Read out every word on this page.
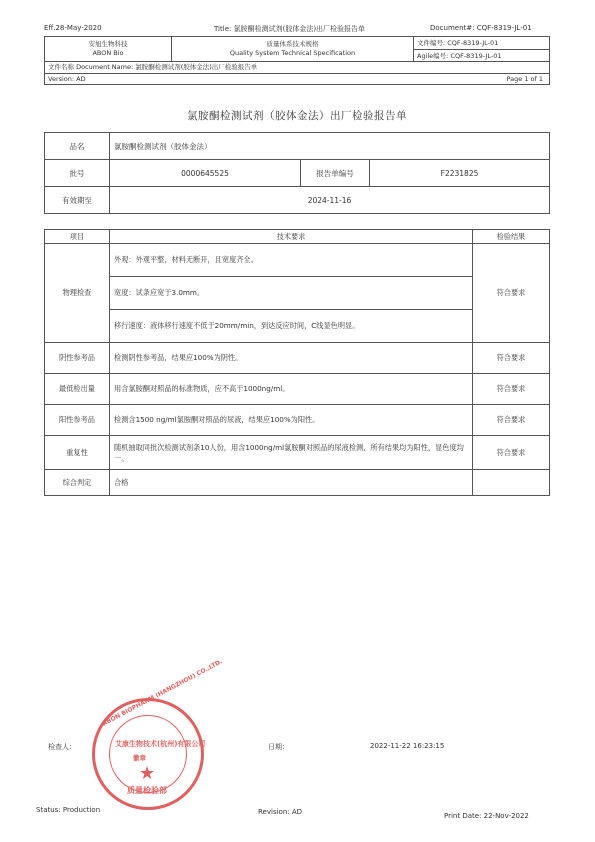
Eff.28-May-2020	Title: 氯胺酮检测试剂(胶体金法)出厂检验报告单	Document#: CQF-8319-JL-01
安旭生物科技
ABON Bio
质量体系技术规格
Quality System Technical Specification
文件编号: CQF-8319-JL-01
Agile编号: CQF-8319-JL-01
文件名称 Document Name: 氯胺酮检测试剂(胶体金法)出厂检验报告单
Version: AD	Page 1 of 1
氯胺酮检测试剂（胶体金法）出厂检验报告单
品名	氯胺酮检测试剂（胶体金法）		
批号	0000645525	报告单编号	F2231825
有效期至	2024-11-16		
项目	技术要求	检验结果
物理检查	外观：外观平整，材料无断开，且宽度齐全。
宽度：试条应宽于3.0mm。
移行速度：液体移行速度不低于20mm/min，到达反应时间，C线显色明显。	符合要求
阴性参考品	检测阴性参考品，结果应100%为阴性。	符合要求
最低检出量	用含氯胺酮对照品的标准物质，应不高于1000ng/ml。	符合要求
阳性参考品	检测含1500 ng/ml氯胺酮对照品的尿液，结果应100%为阳性。	符合要求
重复性	随机抽取同批次检测试剂条10人份，用含1000ng/ml氯胺酮对照品的尿液检测，所有结果均为阳性，显色度均一。	符合要求
综合判定	合格	
ABON BIOPHARM (HANGZHOU) CO.,LTD.
艾康生物技术(杭州)有限公司
徽章
★
质量检验部
检查人：	日期：	2022-11-22 16:23:15
Status: Production	Revision: AD	Print Date: 22-Nov-2022
